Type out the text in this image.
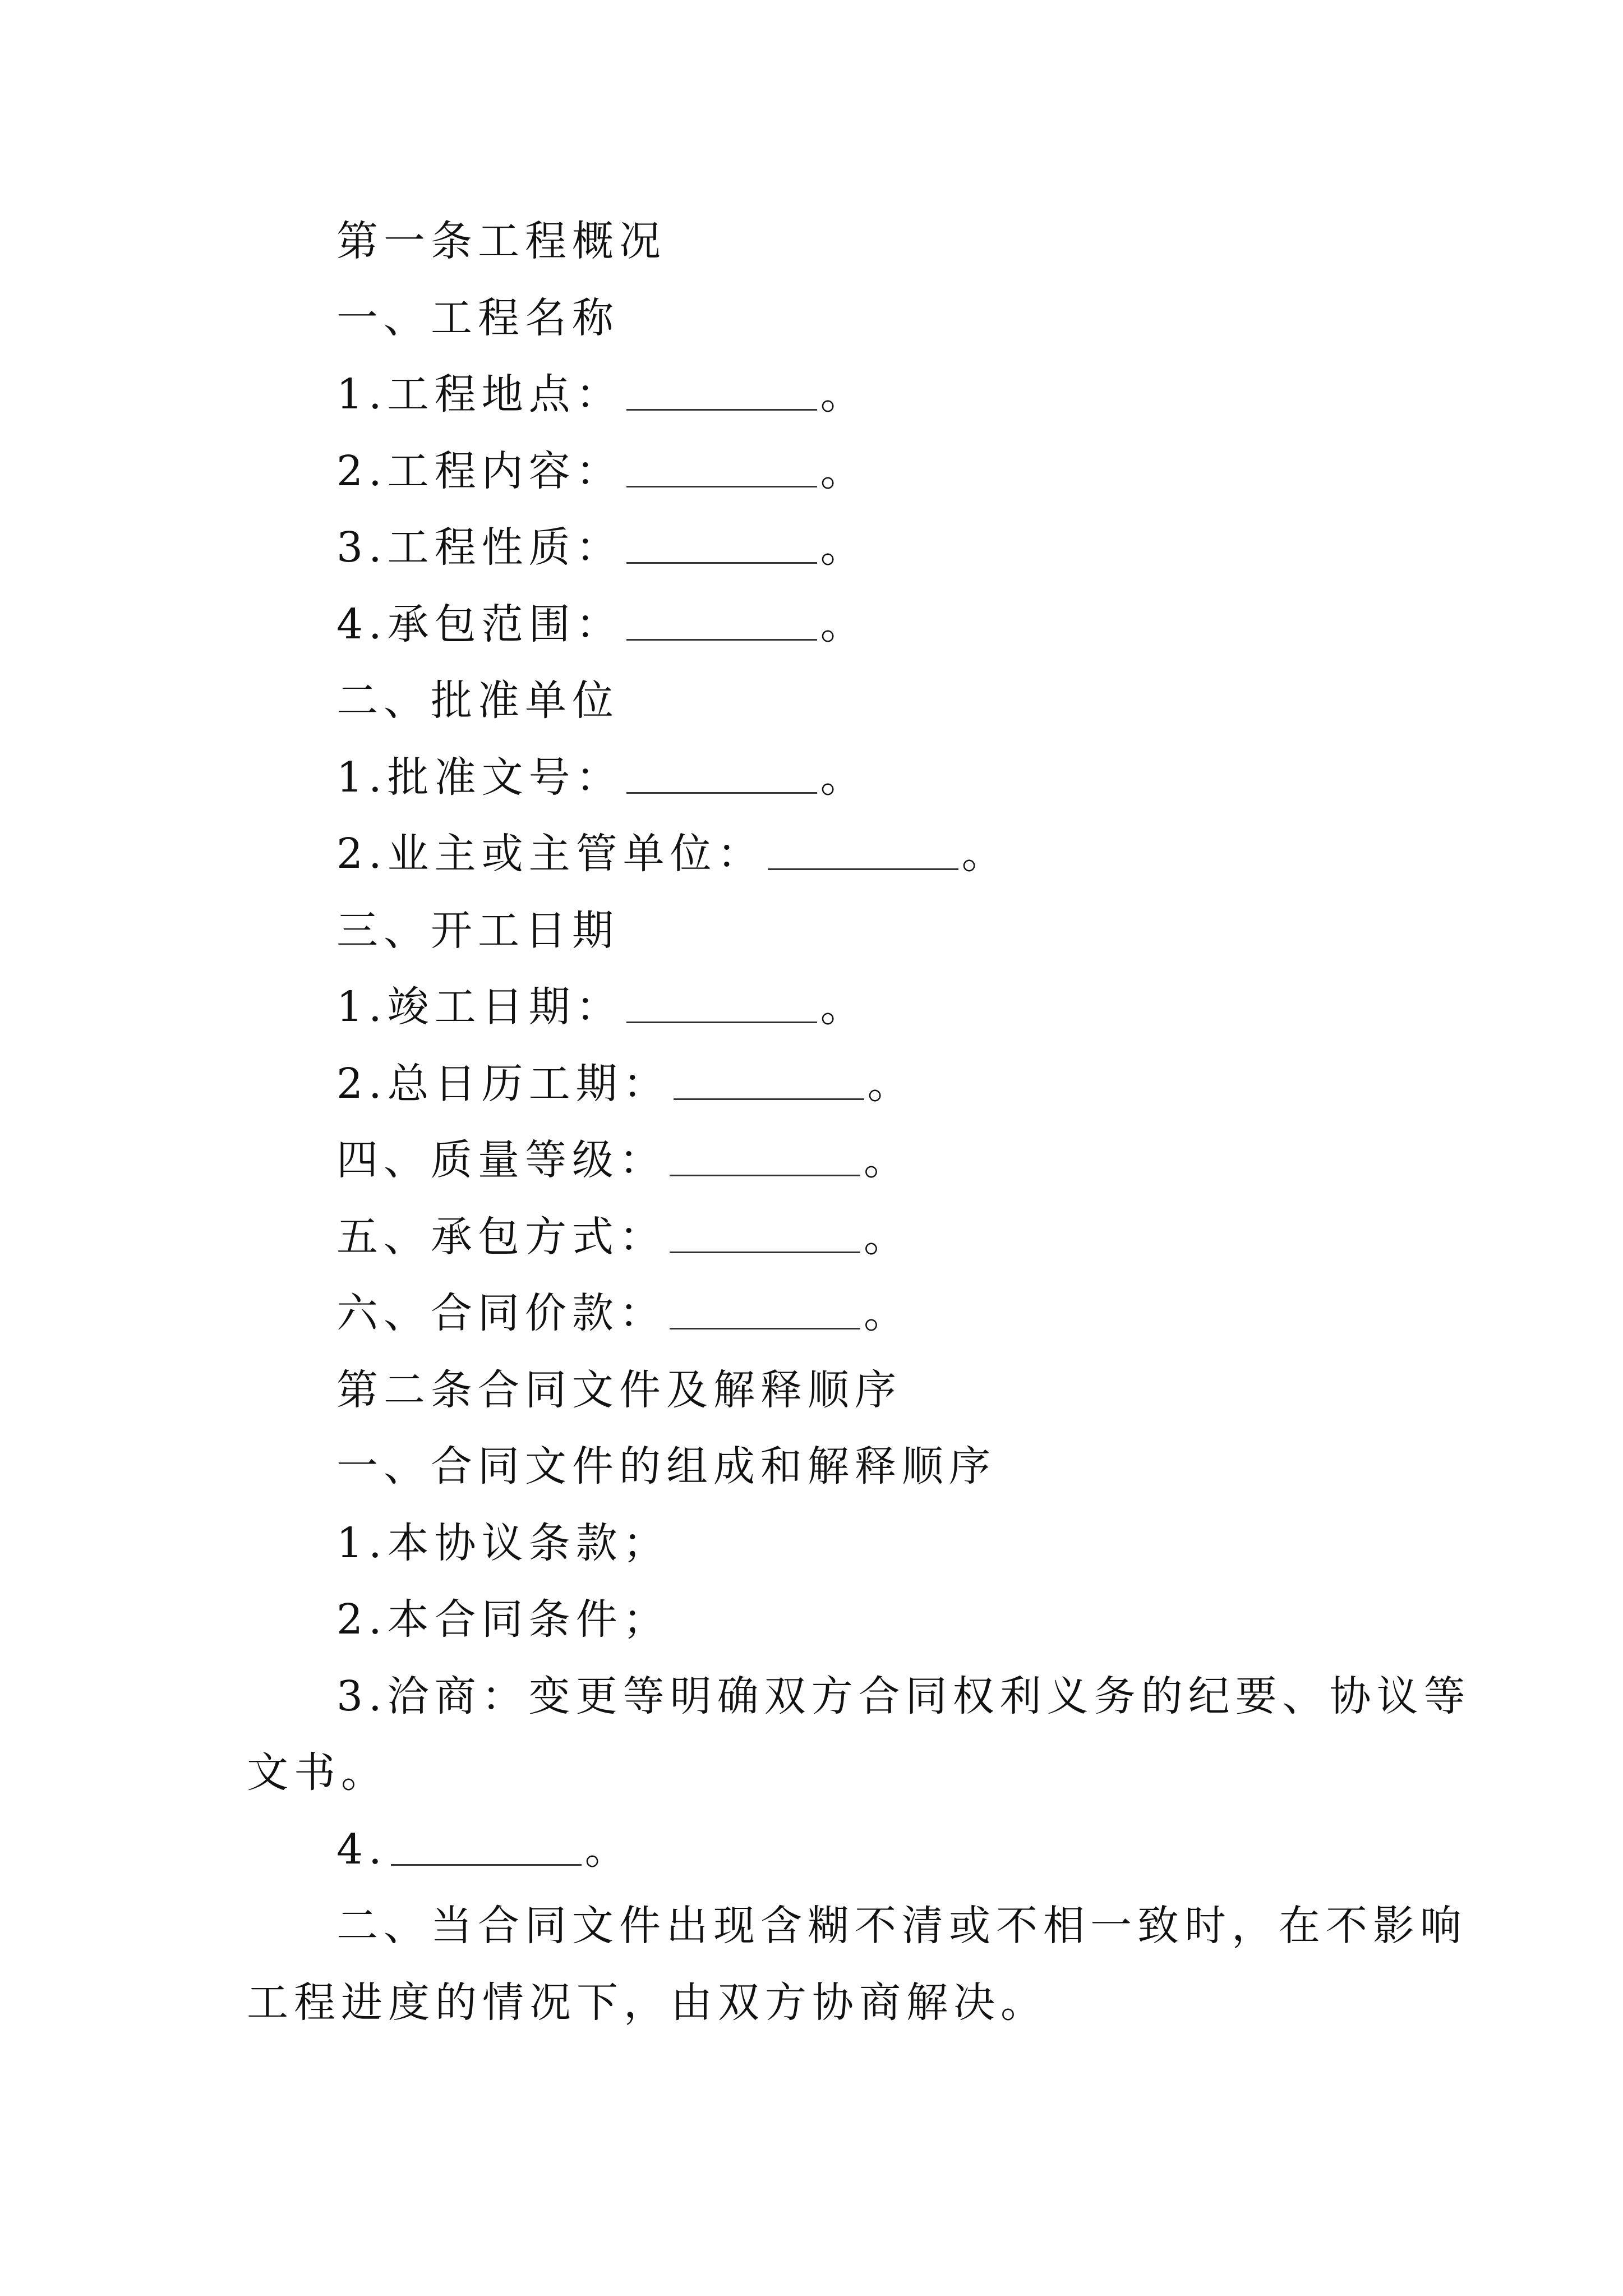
第一条工程概况
一、工程名称
1.工程地点：	。
2.工程内容：	。
3.工程性质：	。
4.承包范围：	。
二、批准单位
1.批准文号：	。
2.业主或主管单位：	。
三、开工日期
1.竣工日期：	。
2.总日历工期：	。
四、质量等级：	。
五、承包方式：	。
六、合同价款：	。
第二条合同文件及解释顺序
一、合同文件的组成和解释顺序
1.本协议条款；
2.本合同条件；
3.洽商：变更等明确双方合同权利义务的纪要、协议等
文书。
4.	。
二、当合同文件出现含糊不清或不相一致时，在不影响
工程进度的情况下，由双方协商解决。
